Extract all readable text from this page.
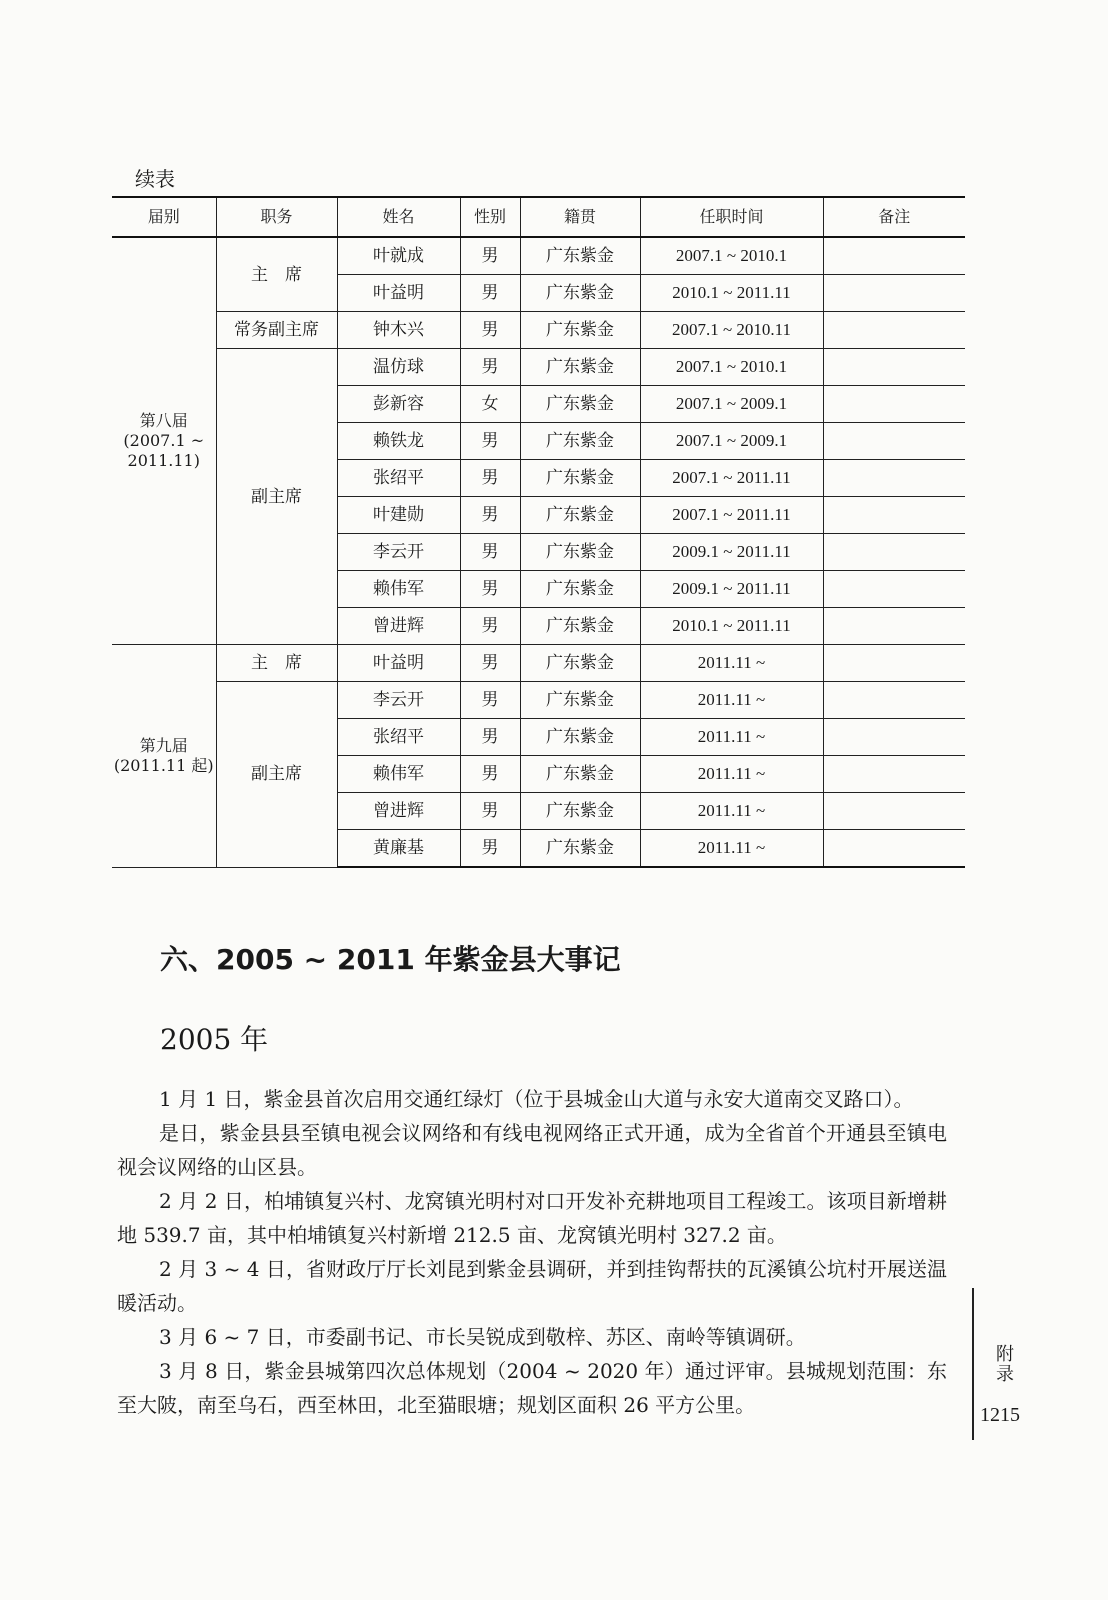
续表
届别	职务	姓名	性别	籍贯	任职时间	备注

第八届
(2007.1 ~
2011.11)	主　席	叶就成	男	广东紫金	2007.1 ~ 2010.1	
		叶益明	男	广东紫金	2010.1 ~ 2011.11	
	常务副主席	钟木兴	男	广东紫金	2007.1 ~ 2010.11	
	副主席	温仿球	男	广东紫金	2007.1 ~ 2010.1	
		彭新容	女	广东紫金	2007.1 ~ 2009.1	
		赖铁龙	男	广东紫金	2007.1 ~ 2009.1	
		张绍平	男	广东紫金	2007.1 ~ 2011.11	
		叶建勋	男	广东紫金	2007.1 ~ 2011.11	
		李云开	男	广东紫金	2009.1 ~ 2011.11	
		赖伟军	男	广东紫金	2009.1 ~ 2011.11	
		曾进辉	男	广东紫金	2010.1 ~ 2011.11	

第九届
(2011.11 起)	主　席	叶益明	男	广东紫金	2011.11 ~	
	副主席	李云开	男	广东紫金	2011.11 ~	
		张绍平	男	广东紫金	2011.11 ~	
		赖伟军	男	广东紫金	2011.11 ~	
		曾进辉	男	广东紫金	2011.11 ~	
		黄廉基	男	广东紫金	2011.11 ~	
六、2005 ~ 2011 年紫金县大事记
2005 年

1 月 1 日，紫金县首次启用交通红绿灯（位于县城金山大道与永安大道南交叉路口）。

是日，紫金县县至镇电视会议网络和有线电视网络正式开通，成为全省首个开通县至镇电视会议网络的山区县。

2 月 2 日，柏埔镇复兴村、龙窝镇光明村对口开发补充耕地项目工程竣工。该项目新增耕地 539.7 亩，其中柏埔镇复兴村新增 212.5 亩、龙窝镇光明村 327.2 亩。

2 月 3 ~ 4 日，省财政厅厅长刘昆到紫金县调研，并到挂钩帮扶的瓦溪镇公坑村开展送温暖活动。

3 月 6 ~ 7 日，市委副书记、市长吴锐成到敬梓、苏区、南岭等镇调研。

3 月 8 日，紫金县城第四次总体规划（2004 ~ 2020 年）通过评审。县城规划范围：东至大陂，南至乌石，西至林田，北至猫眼塘；规划区面积 26 平方公里。

附录
1215
